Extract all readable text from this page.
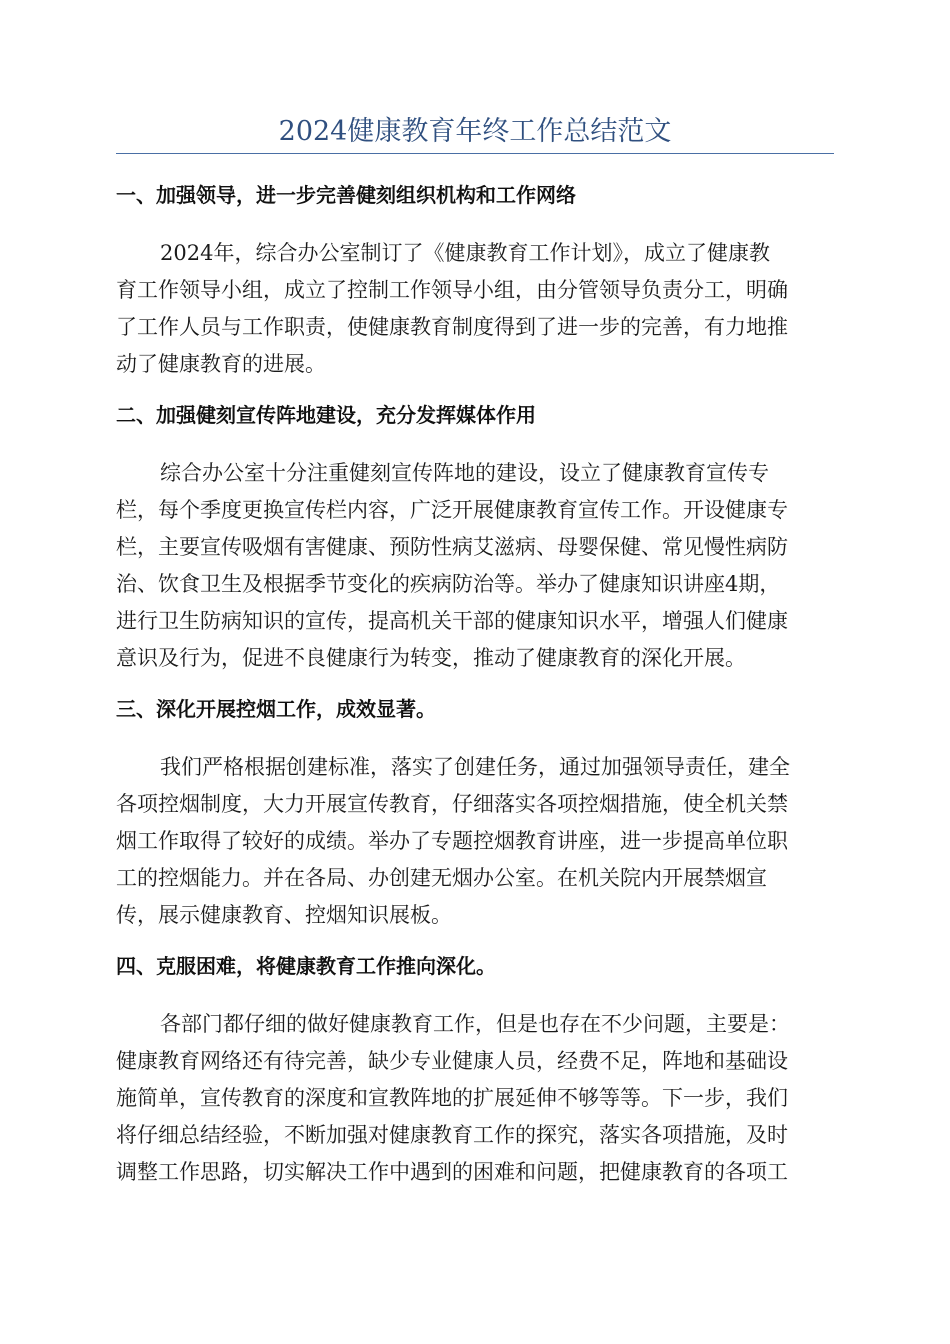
2024健康教育年终工作总结范文
一、加强领导，进一步完善健刻组织机构和工作网络
2024年，综合办公室制订了《健康教育工作计划》，成立了健康教
育工作领导小组，成立了控制工作领导小组，由分管领导负责分工，明确
了工作人员与工作职责，使健康教育制度得到了进一步的完善，有力地推
动了健康教育的进展。
二、加强健刻宣传阵地建设，充分发挥媒体作用
综合办公室十分注重健刻宣传阵地的建设，设立了健康教育宣传专
栏，每个季度更换宣传栏内容，广泛开展健康教育宣传工作。开设健康专
栏，主要宣传吸烟有害健康、预防性病艾滋病、母婴保健、常见慢性病防
治、饮食卫生及根据季节变化的疾病防治等。举办了健康知识讲座4期，
进行卫生防病知识的宣传，提高机关干部的健康知识水平，增强人们健康
意识及行为，促进不良健康行为转变，推动了健康教育的深化开展。
三、深化开展控烟工作，成效显著。
我们严格根据创建标准，落实了创建任务，通过加强领导责任，建全
各项控烟制度，大力开展宣传教育，仔细落实各项控烟措施，使全机关禁
烟工作取得了较好的成绩。举办了专题控烟教育讲座，进一步提高单位职
工的控烟能力。并在各局、办创建无烟办公室。在机关院内开展禁烟宣
传，展示健康教育、控烟知识展板。
四、克服困难，将健康教育工作推向深化。
各部门都仔细的做好健康教育工作，但是也存在不少问题，主要是：
健康教育网络还有待完善，缺少专业健康人员，经费不足，阵地和基础设
施简单，宣传教育的深度和宣教阵地的扩展延伸不够等等。下一步，我们
将仔细总结经验，不断加强对健康教育工作的探究，落实各项措施，及时
调整工作思路，切实解决工作中遇到的困难和问题，把健康教育的各项工
